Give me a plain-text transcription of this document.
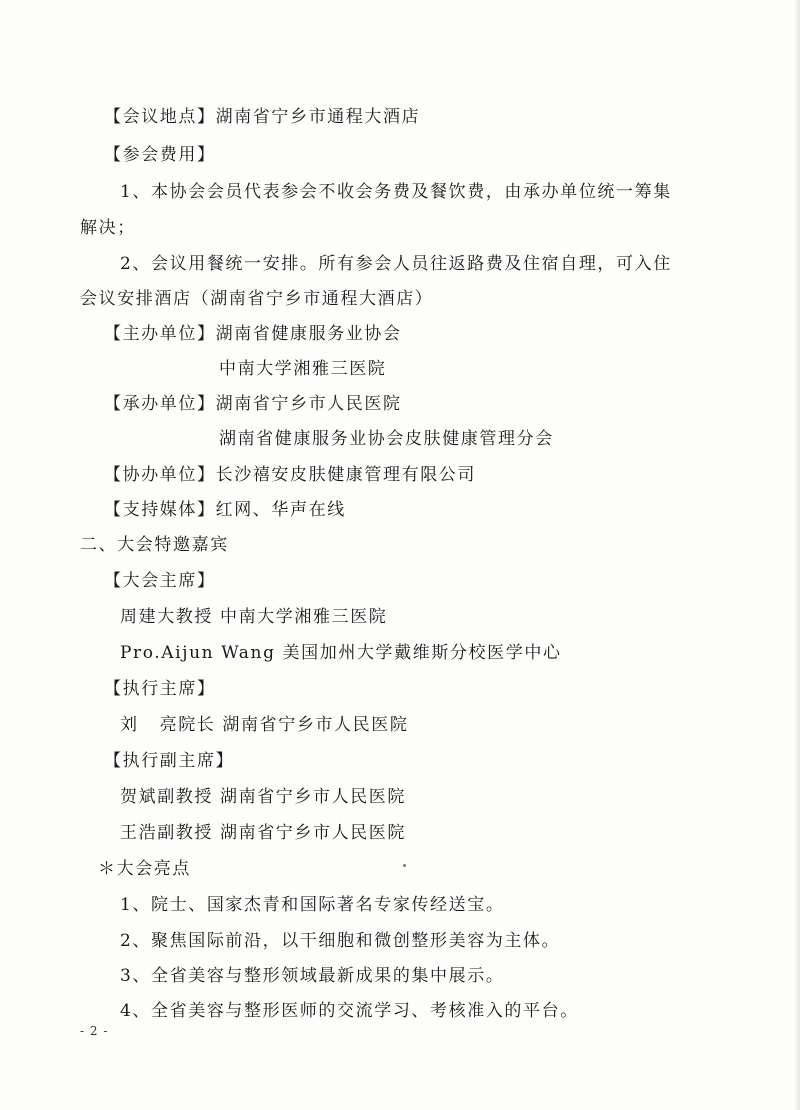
【会议地点】湖南省宁乡市通程大酒店
【参会费用】
1、本协会会员代表参会不收会务费及餐饮费，由承办单位统一筹集
解决；
2、会议用餐统一安排。所有参会人员往返路费及住宿自理，可入住
会议安排酒店（湖南省宁乡市通程大酒店）
【主办单位】湖南省健康服务业协会
中南大学湘雅三医院
【承办单位】湖南省宁乡市人民医院
湖南省健康服务业协会皮肤健康管理分会
【协办单位】长沙禧安皮肤健康管理有限公司
【支持媒体】红网、华声在线
二、大会特邀嘉宾
【大会主席】
周建大教授 中南大学湘雅三医院
Pro.Aijun Wang 美国加州大学戴维斯分校医学中心
【执行主席】
刘   亮院长 湖南省宁乡市人民医院
【执行副主席】
贺斌副教授 湖南省宁乡市人民医院
王浩副教授 湖南省宁乡市人民医院
＊大会亮点
1、院士、国家杰青和国际著名专家传经送宝。
2、聚焦国际前沿，以干细胞和微创整形美容为主体。
3、全省美容与整形领域最新成果的集中展示。
4、全省美容与整形医师的交流学习、考核准入的平台。
- 2 -
